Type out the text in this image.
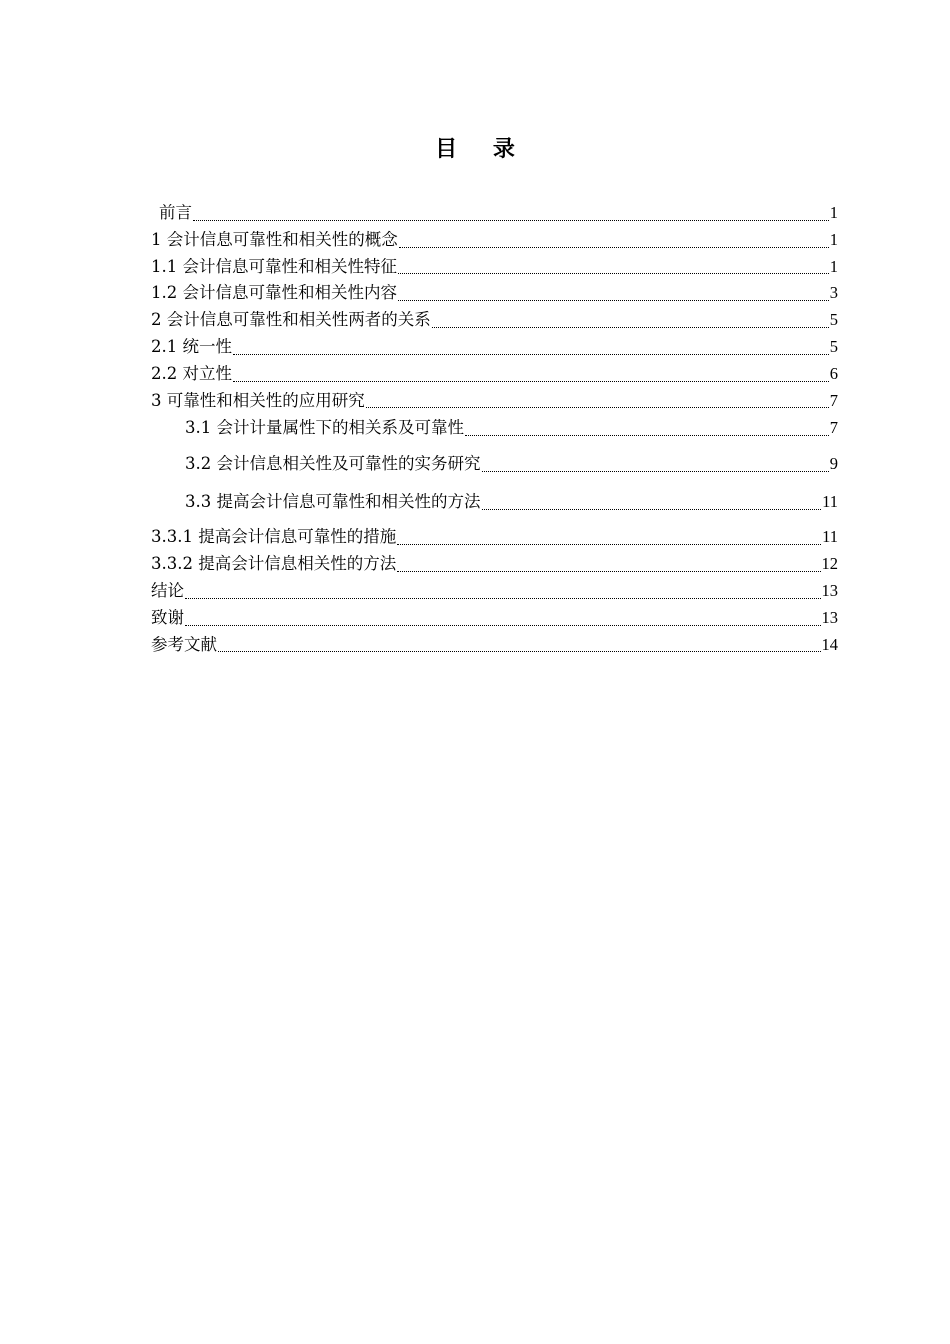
目 录
前言	1
1 会计信息可靠性和相关性的概念	1
1.1 会计信息可靠性和相关性特征	1
1.2 会计信息可靠性和相关性内容	3
2 会计信息可靠性和相关性两者的关系	5
2.1 统一性	5
2.2 对立性	6
3 可靠性和相关性的应用研究	7
3.1 会计计量属性下的相关系及可靠性	7
3.2 会计信息相关性及可靠性的实务研究	9
3.3 提高会计信息可靠性和相关性的方法	11
3.3.1 提高会计信息可靠性的措施	11
3.3.2 提高会计信息相关性的方法	12
结论	13
致谢	13
参考文献	14
